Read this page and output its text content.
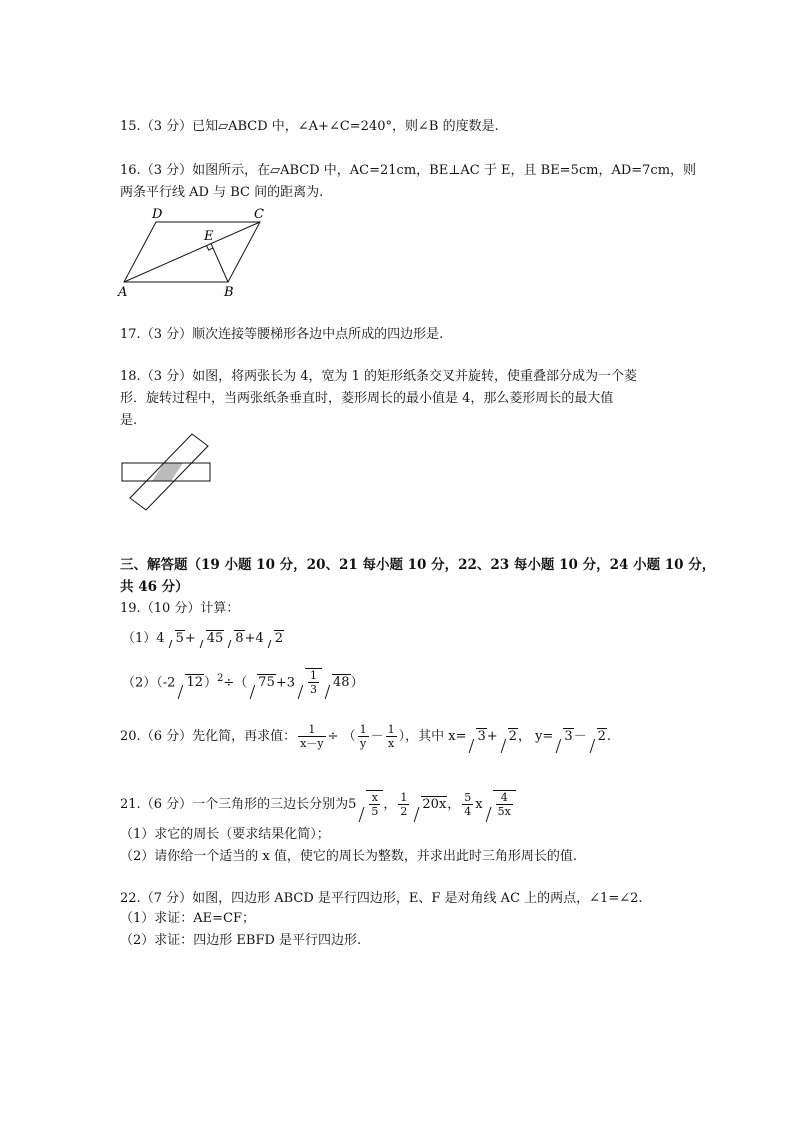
15.（3 分）已知▱ABCD 中，∠A+∠C=240°，则∠B 的度数是.
16.（3 分）如图所示，在▱ABCD 中，AC=21cm，BE⊥AC 于 E，且 BE=5cm，AD=7cm，则
两条平行线 AD 与 BC 间的距离为.
A	B
C
D
E
17.（3 分）顺次连接等腰梯形各边中点所成的四边形是.
18.（3 分）如图，将两张长为 4，宽为 1 的矩形纸条交叉并旋转，使重叠部分成为一个菱
形．旋转过程中，当两张纸条垂直时，菱形周长的最小值是 4，那么菱形周长的最大值
是.
三、解答题（19 小题 10 分，20、21 每小题 10 分，22、23 每小题 10 分，24 小题 10 分，
共 46 分）
19.（10 分）计算：
（1）4 5+ 45 8+4 2
（2）（-2 12）$^2$÷（ $75+3 \frac{1}{3} 48$）
20.（6 分）先化简，再求值： $\frac{1}{x-y}$ ÷ （ $\frac{1}{y} - \frac{1}{x}$ ），其中 x= 3+ 2， y= 3－ 2.
21.（6 分）一个三角形的三边长分别为$5 \frac{x}{5}$ ， $\frac{1}{2} 20x$， $\frac{5}{4}$ x $\frac{4}{5x}$
（1）求它的周长（要求结果化简）；
（2）请你给一个适当的 x 值，使它的周长为整数，并求出此时三角形周长的值.
22.（7 分）如图，四边形 ABCD 是平行四边形，E、F 是对角线 AC 上的两点，∠1=∠2.
（1）求证：AE=CF；
（2）求证：四边形 EBFD 是平行四边形.
